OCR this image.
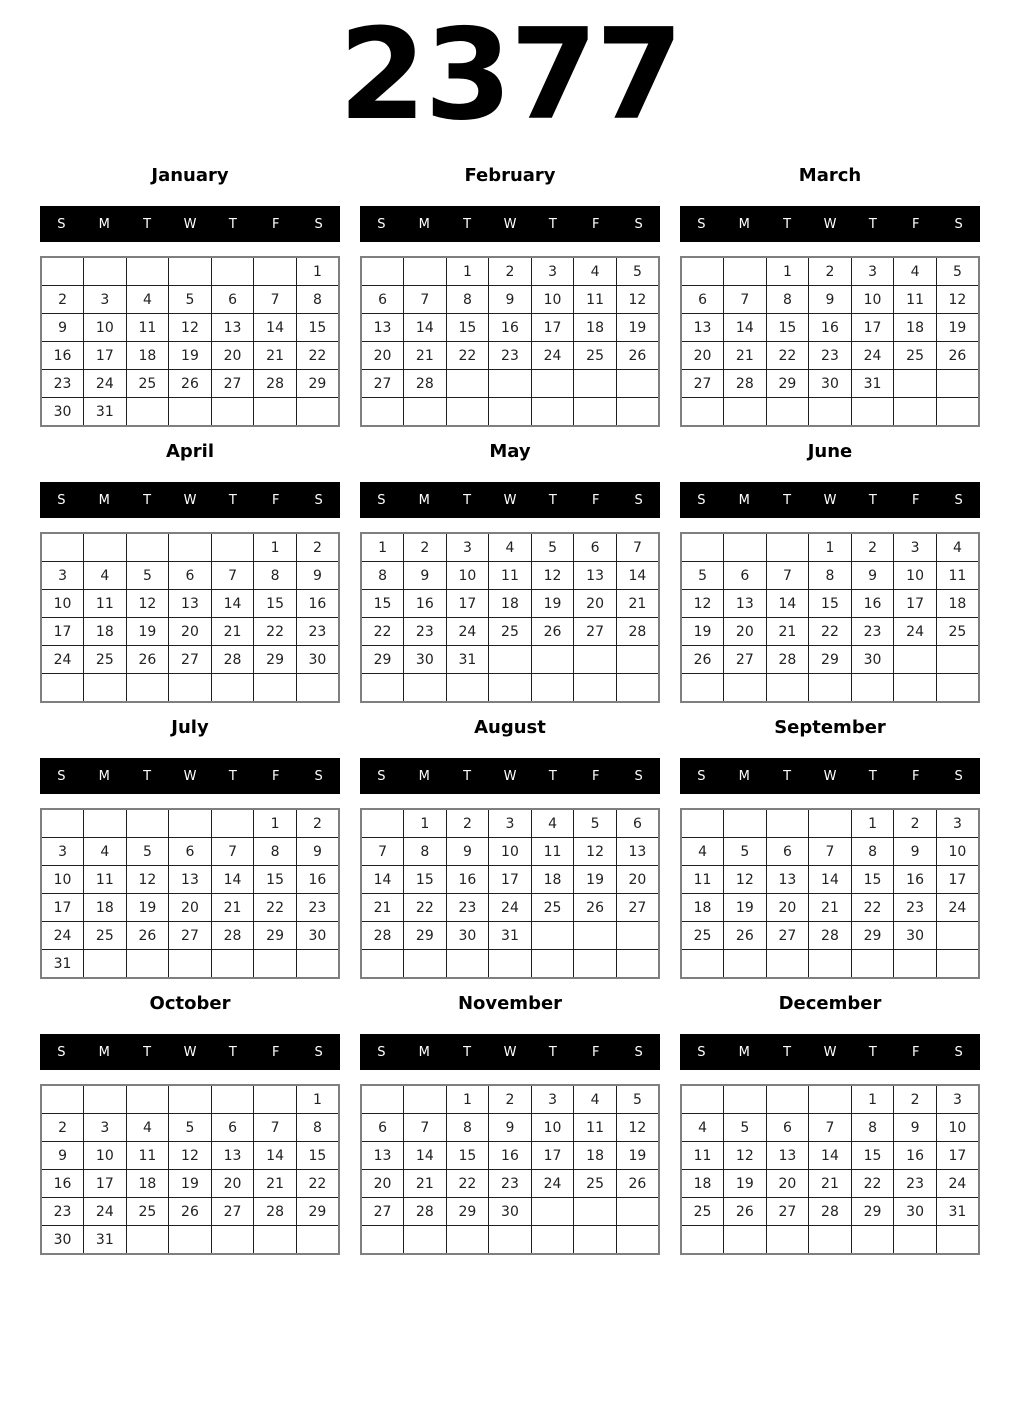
2377
January
S	M	T	W	T	F	S
						1
2	3	4	5	6	7	8
9	10	11	12	13	14	15
16	17	18	19	20	21	22
23	24	25	26	27	28	29
30	31					
February
S	M	T	W	T	F	S
		1	2	3	4	5
6	7	8	9	10	11	12
13	14	15	16	17	18	19
20	21	22	23	24	25	26
27	28					

March
S	M	T	W	T	F	S
		1	2	3	4	5
6	7	8	9	10	11	12
13	14	15	16	17	18	19
20	21	22	23	24	25	26
27	28	29	30	31		

April
S	M	T	W	T	F	S
					1	2
3	4	5	6	7	8	9
10	11	12	13	14	15	16
17	18	19	20	21	22	23
24	25	26	27	28	29	30

May
S	M	T	W	T	F	S
1	2	3	4	5	6	7
8	9	10	11	12	13	14
15	16	17	18	19	20	21
22	23	24	25	26	27	28
29	30	31				

June
S	M	T	W	T	F	S
			1	2	3	4
5	6	7	8	9	10	11
12	13	14	15	16	17	18
19	20	21	22	23	24	25
26	27	28	29	30		

July
S	M	T	W	T	F	S
					1	2
3	4	5	6	7	8	9
10	11	12	13	14	15	16
17	18	19	20	21	22	23
24	25	26	27	28	29	30
31						
August
S	M	T	W	T	F	S
	1	2	3	4	5	6
7	8	9	10	11	12	13
14	15	16	17	18	19	20
21	22	23	24	25	26	27
28	29	30	31			

September
S	M	T	W	T	F	S
				1	2	3
4	5	6	7	8	9	10
11	12	13	14	15	16	17
18	19	20	21	22	23	24
25	26	27	28	29	30	

October
S	M	T	W	T	F	S
						1
2	3	4	5	6	7	8
9	10	11	12	13	14	15
16	17	18	19	20	21	22
23	24	25	26	27	28	29
30	31					
November
S	M	T	W	T	F	S
		1	2	3	4	5
6	7	8	9	10	11	12
13	14	15	16	17	18	19
20	21	22	23	24	25	26
27	28	29	30			

December
S	M	T	W	T	F	S
				1	2	3
4	5	6	7	8	9	10
11	12	13	14	15	16	17
18	19	20	21	22	23	24
25	26	27	28	29	30	31
